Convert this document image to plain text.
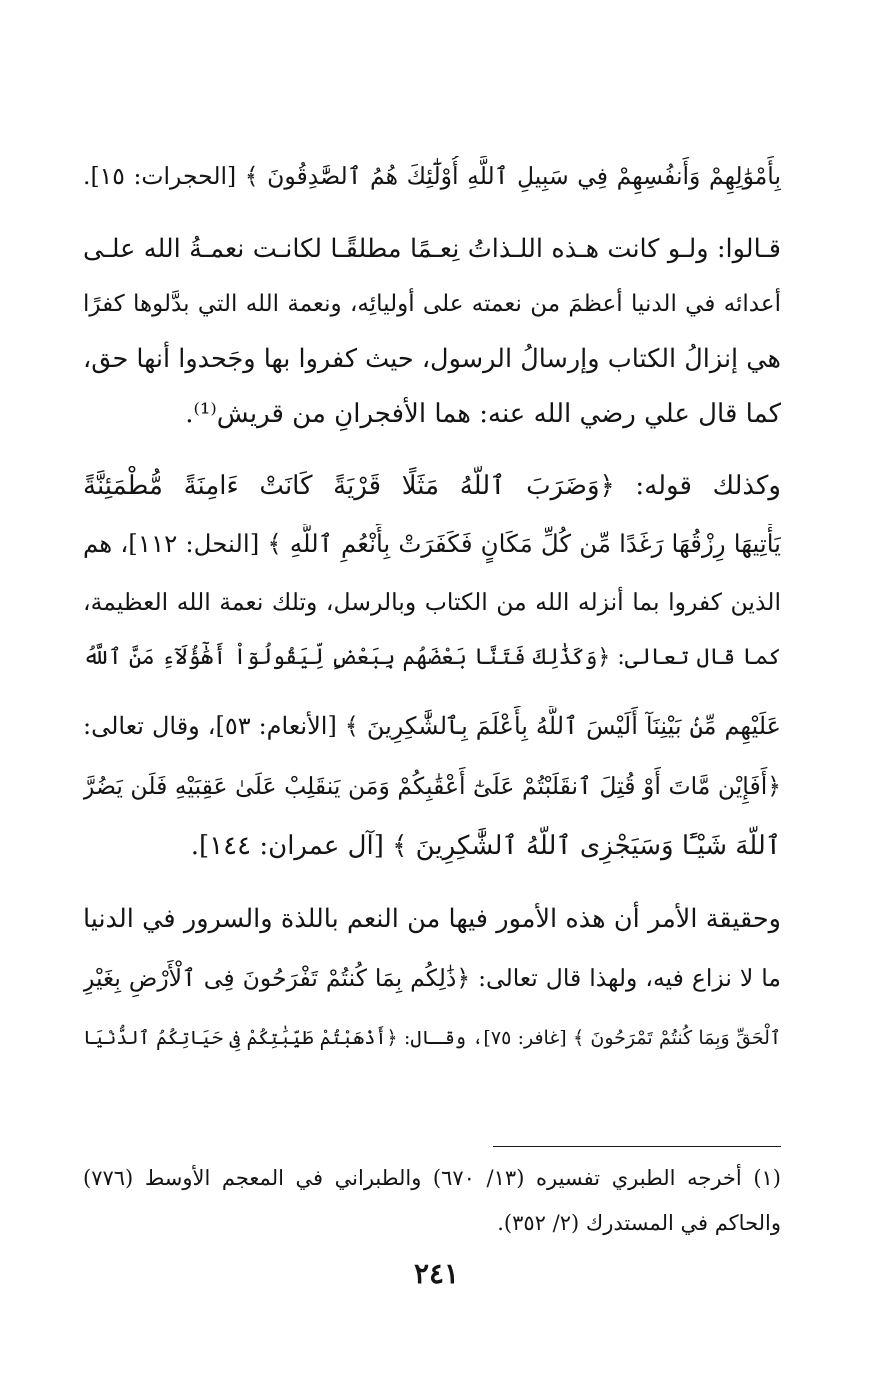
بِأَمْوَٰلِهِمْ وَأَنفُسِهِمْ فِي سَبِيلِ ٱللَّهِ أُوْلَٰٓئِكَ هُمُ ٱلصَّٰدِقُونَ ﴾ [الحجرات: ١٥].
قـالوا: ولـو كانت هـذه اللـذاتُ نِعـمًا مطلقًـا لكانـت نعمـةُ الله علـى
أعدائه في الدنيا أعظمَ من نعمته على أوليائِه، ونعمة الله التي بدَّلوها كفرًا
هي إنزالُ الكتاب وإرسالُ الرسول، حيث كفروا بها وجَحدوا أنها حق،
كما قال علي رضي الله عنه: هما الأفجرانِ من قريش⁽¹⁾.
وكذلك قوله: ﴿وَضَرَبَ ٱللَّهُ مَثَلًا قَرْيَةً كَانَتْ ءَامِنَةً مُّطْمَئِنَّةً
يَأْتِيهَا رِزْقُهَا رَغَدًا مِّن كُلِّ مَكَانٍ فَكَفَرَتْ بِأَنْعُمِ ٱللَّهِ ﴾ [النحل: ١١٢]، هم
الذين كفروا بما أنزله الله من الكتاب وبالرسل، وتلك نعمة الله العظيمة،
كما قال تعالى: ﴿وَكَذَٰلِكَ فَتَنَّا بَعْضَهُم بِبَعْضٍ لِّيَقُولُوٓاْ أَهَٰٓؤُلَآءِ مَنَّ ٱللَّهُ
عَلَيْهِم مِّنۢ بَيْنِنَآ أَلَيْسَ ٱللَّهُ بِأَعْلَمَ بِٱلشَّٰكِرِينَ ﴾ [الأنعام: ٥٣]، وقال تعالى:
﴿أَفَإِيْن مَّاتَ أَوْ قُتِلَ ٱنقَلَبْتُمْ عَلَىٰٓ أَعْقَٰبِكُمْ وَمَن يَنقَلِبْ عَلَىٰ عَقِبَيْهِ فَلَن يَضُرَّ
ٱللَّهَ شَيْـًٔا وَسَيَجْزِى ٱللَّهُ ٱلشَّٰكِرِينَ ﴾ [آل عمران: ١٤٤].
وحقيقة الأمر أن هذه الأمور فيها من النعم باللذة والسرور في الدنيا
ما لا نزاع فيه، ولهذا قال تعالى: ﴿ذَٰلِكُم بِمَا كُنتُمْ تَفْرَحُونَ فِى ٱلْأَرْضِ بِغَيْرِ
ٱلْحَقِّ وَبِمَا كُنتُمْ تَمْرَحُونَ ﴾ [غافر: ٧٥]، وقـال: ﴿أَذْهَبْتُمْ طَيِّبَٰتِكُمْ فِى حَيَاتِكُمُ ٱلدُّنْيَا
(١) أخرجه الطبري تفسيره (١٣/ ٦٧٠) والطبراني في المعجم الأوسط (٧٧٦)
والحاكم في المستدرك (٢/ ٣٥٢).
٢٤١
